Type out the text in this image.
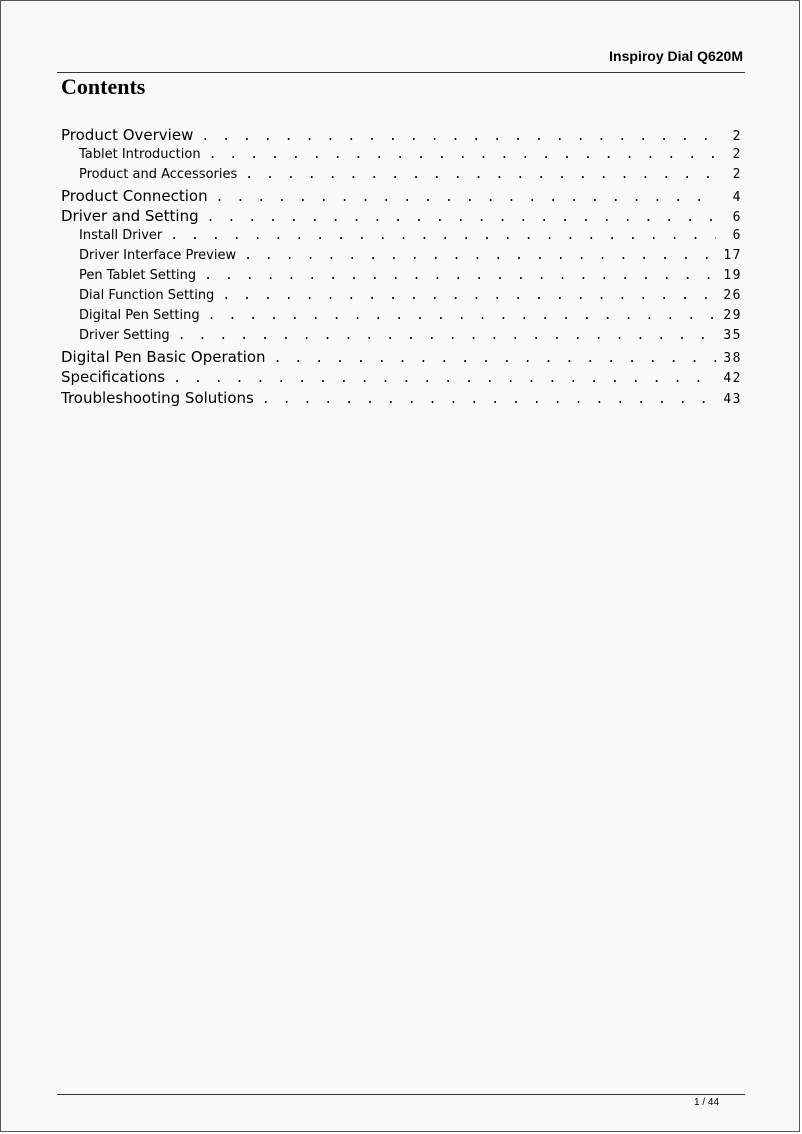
Inspiroy Dial Q620M
Contents
Product Overview . . .	2
Tablet Introduction . . .	2
Product and Accessories . . .	2
Product Connection . . .	4
Driver and Setting . . .	6
Install Driver . . .	6
Driver Interface Preview . . .	17
Pen Tablet Setting . . .	19
Dial Function Setting . . .	26
Digital Pen Setting . . .	29
Driver Setting . . .	35
Digital Pen Basic Operation . . .	38
Specifications . . .	42
Troubleshooting Solutions . . .	43
1 / 44
